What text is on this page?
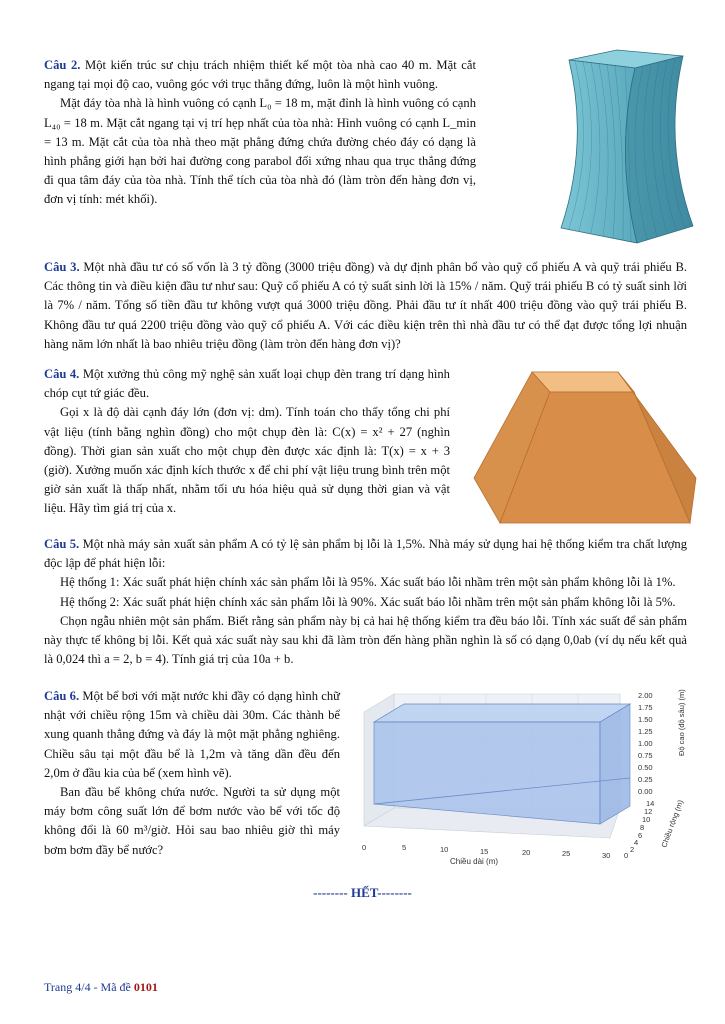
Câu 2. Một kiến trúc sư chịu trách nhiệm thiết kế một tòa nhà cao 40 m. Mặt cắt ngang tại mọi độ cao, vuông góc với trục thẳng đứng, luôn là một hình vuông.

Mặt đáy tòa nhà là hình vuông có cạnh L₀ = 18 m, mặt đỉnh là hình vuông có cạnh L₄₀ = 18 m. Mặt cắt ngang tại vị trí hẹp nhất của tòa nhà: Hình vuông có cạnh L_min = 13 m. Mặt cắt của tòa nhà theo mặt phẳng đứng chứa đường chéo đáy có dạng là hình phẳng giới hạn bởi hai đường cong parabol đối xứng nhau qua trục thẳng đứng đi qua tâm đáy của tòa nhà. Tính thể tích của tòa nhà đó (làm tròn đến hàng đơn vị, đơn vị tính: mét khối).

Câu 3. Một nhà đầu tư có số vốn là 3 tỷ đồng (3000 triệu đồng) và dự định phân bổ vào quỹ cổ phiếu A và quỹ trái phiếu B. Các thông tin và điều kiện đầu tư như sau: Quỹ cổ phiếu A có tỷ suất sinh lời là 15% / năm. Quỹ trái phiếu B có tỷ suất sinh lời là 7% / năm. Tổng số tiền đầu tư không vượt quá 3000 triệu đồng. Phải đầu tư ít nhất 400 triệu đồng vào quỹ trái phiếu B. Không đầu tư quá 2200 triệu đồng vào quỹ cổ phiếu A. Với các điều kiện trên thì nhà đầu tư có thể đạt được tổng lợi nhuận hàng năm lớn nhất là bao nhiêu triệu đồng (làm tròn đến hàng đơn vị)?

Câu 4. Một xưởng thủ công mỹ nghệ sản xuất loại chụp đèn trang trí dạng hình chóp cụt tứ giác đều.

Gọi x là độ dài cạnh đáy lớn (đơn vị: dm). Tính toán cho thấy tổng chi phí vật liệu (tính bằng nghìn đồng) cho một chụp đèn là: C(x) = x² + 27 (nghìn đồng). Thời gian sản xuất cho một chụp đèn được xác định là: T(x) = x + 3 (giờ). Xưởng muốn xác định kích thước x để chi phí vật liệu trung bình trên một giờ sản xuất là thấp nhất, nhằm tối ưu hóa hiệu quả sử dụng thời gian và vật liệu. Hãy tìm giá trị của x.

Câu 5. Một nhà máy sản xuất sản phẩm A có tỷ lệ sản phẩm bị lỗi là 1,5%. Nhà máy sử dụng hai hệ thống kiểm tra chất lượng độc lập để phát hiện lỗi:

Hệ thống 1: Xác suất phát hiện chính xác sản phẩm lỗi là 95%. Xác suất báo lỗi nhầm trên một sản phẩm không lỗi là 1%.

Hệ thống 2: Xác suất phát hiện chính xác sản phẩm lỗi là 90%. Xác suất báo lỗi nhầm trên một sản phẩm không lỗi là 5%.

Chọn ngẫu nhiên một sản phẩm. Biết rằng sản phẩm này bị cả hai hệ thống kiểm tra đều báo lỗi. Tính xác suất để sản phẩm này thực tế không bị lỗi. Kết quả xác suất này sau khi đã làm tròn đến hàng phần nghìn là số có dạng 0,0ab (ví dụ nếu kết quả là 0,024 thì a = 2, b = 4). Tính giá trị của 10a + b.

Câu 6. Một bể bơi với mặt nước khi đầy có dạng hình chữ nhật với chiều rộng 15m và chiều dài 30m. Các thành bể xung quanh thẳng đứng và đáy là một mặt phẳng nghiêng. Chiều sâu tại một đầu bể là 1,2m và tăng dần đều đến 2,0m ở đầu kia của bể (xem hình vẽ).

Ban đầu bể không chứa nước. Người ta sử dụng một máy bơm công suất lớn để bơm nước vào bể với tốc độ không đổi là 60 m³/giờ. Hỏi sau bao nhiêu giờ thì máy bơm bơm đầy bể nước?

2.00
1.75
1.50
1.25
1.00
0.75
0.50
0.25
0.00
14
12
10
8
6
4
2
0
0	5	10	15	20	25	30
Chiều dài (m)
Chiều rộng (m)
Độ cao (độ sâu) (m)
-------- HẾT--------
Trang 4/4 - Mã đề 0101
